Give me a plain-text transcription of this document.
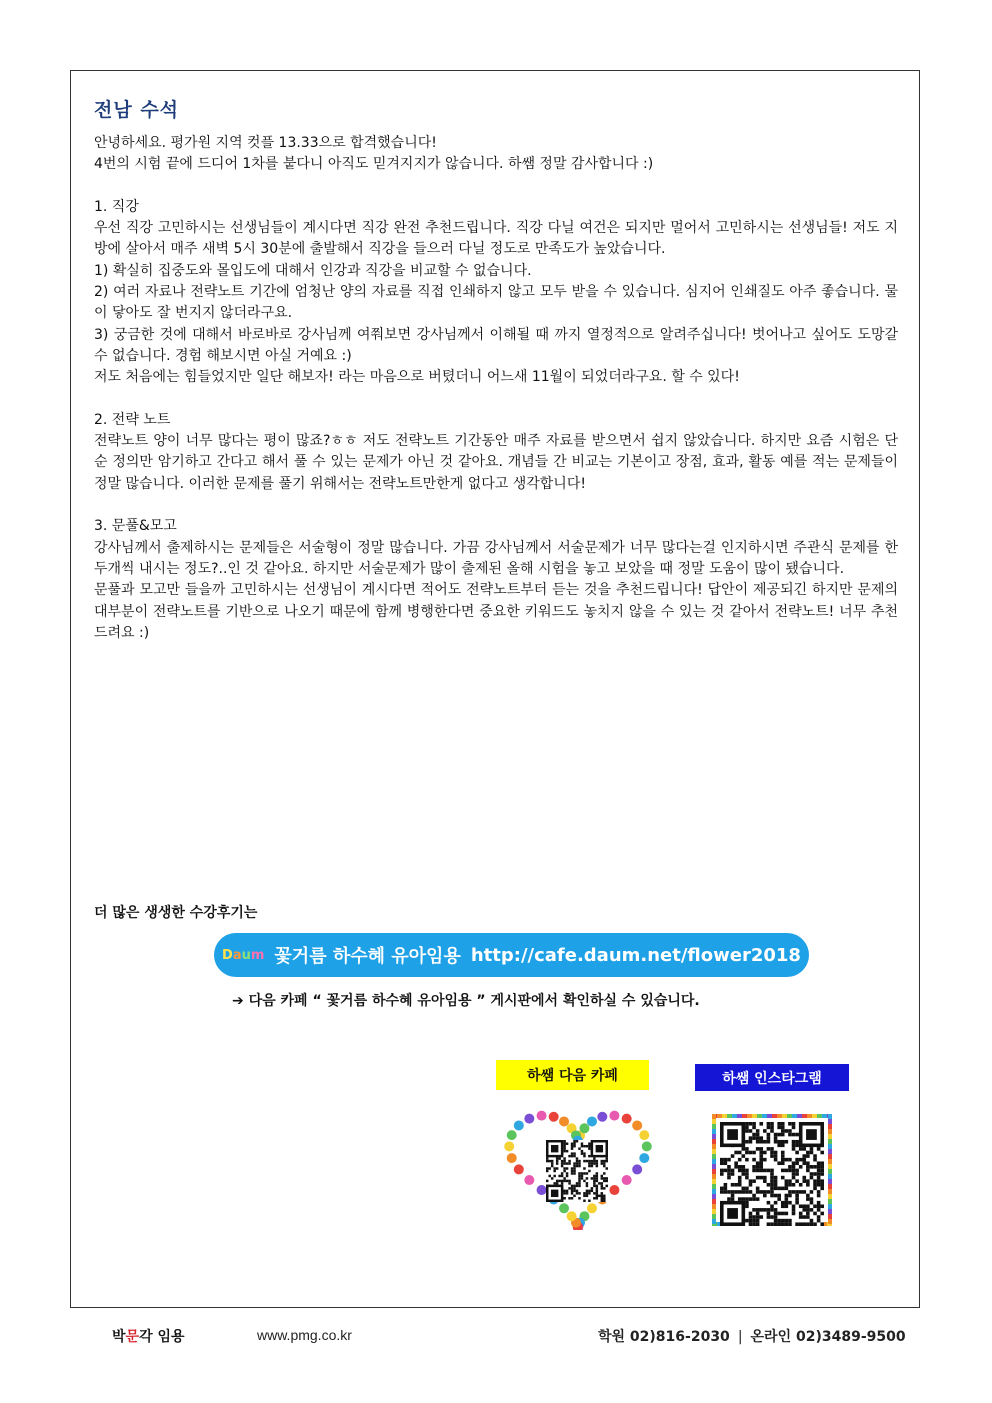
전남 수석

안녕하세요. 평가원 지역 컷플 13.33으로 합격했습니다!

4번의 시험 끝에 드디어 1차를 붙다니 아직도 믿겨지지가 않습니다. 하쌤 정말 감사합니다 :)

1. 직강

우선 직강 고민하시는 선생님들이 계시다면 직강 완전 추천드립니다. 직강 다닐 여건은 되지만 멀어서 고민하시는 선생님들! 저도 지방에 살아서 매주 새벽 5시 30분에 출발해서 직강을 들으러 다닐 정도로 만족도가 높았습니다.

1) 확실히 집중도와 몰입도에 대해서 인강과 직강을 비교할 수 없습니다.

2) 여러 자료나 전략노트 기간에 엄청난 양의 자료를 직접 인쇄하지 않고 모두 받을 수 있습니다. 심지어 인쇄질도 아주 좋습니다. 물이 닿아도 잘 번지지 않더라구요.

3) 궁금한 것에 대해서 바로바로 강사님께 여쭤보면 강사님께서 이해될 때 까지 열정적으로 알려주십니다! 벗어나고 싶어도 도망갈 수 없습니다. 경험 해보시면 아실 거예요 :)

저도 처음에는 힘들었지만 일단 해보자! 라는 마음으로 버텼더니 어느새 11월이 되었더라구요. 할 수 있다!

2. 전략 노트

전략노트 양이 너무 많다는 평이 많죠?ㅎㅎ 저도 전략노트 기간동안 매주 자료를 받으면서 쉽지 않았습니다. 하지만 요즘 시험은 단순 정의만 암기하고 간다고 해서 풀 수 있는 문제가 아닌 것 같아요. 개념들 간 비교는 기본이고 장점, 효과, 활동 예를 적는 문제들이 정말 많습니다. 이러한 문제를 풀기 위해서는 전략노트만한게 없다고 생각합니다!

3. 문풀&모고

강사님께서 출제하시는 문제들은 서술형이 정말 많습니다. 가끔 강사님께서 서술문제가 너무 많다는걸 인지하시면 주관식 문제를 한 두개씩 내시는 정도?..인 것 같아요. 하지만 서술문제가 많이 출제된 올해 시험을 놓고 보았을 때 정말 도움이 많이 됐습니다.

문풀과 모고만 들을까 고민하시는 선생님이 계시다면 적어도 전략노트부터 듣는 것을 추천드립니다! 답안이 제공되긴 하지만 문제의 대부분이 전략노트를 기반으로 나오기 때문에 함께 병행한다면 중요한 키워드도 놓치지 않을 수 있는 것 같아서 전략노트! 너무 추천드려요 :)

더 많은 생생한 수강후기는
Daum 꽃거름 하수혜 유아임용 http://cafe.daum.net/flower2018
➔ 다음 카페 “ 꽃거름 하수혜 유아임용 ” 게시판에서 확인하실 수 있습니다.
하쌤 다음 카페	하쌤 인스타그램
박문각 임용	www.pmg.co.kr	학원 02)816-2030 | 온라인 02)3489-9500
